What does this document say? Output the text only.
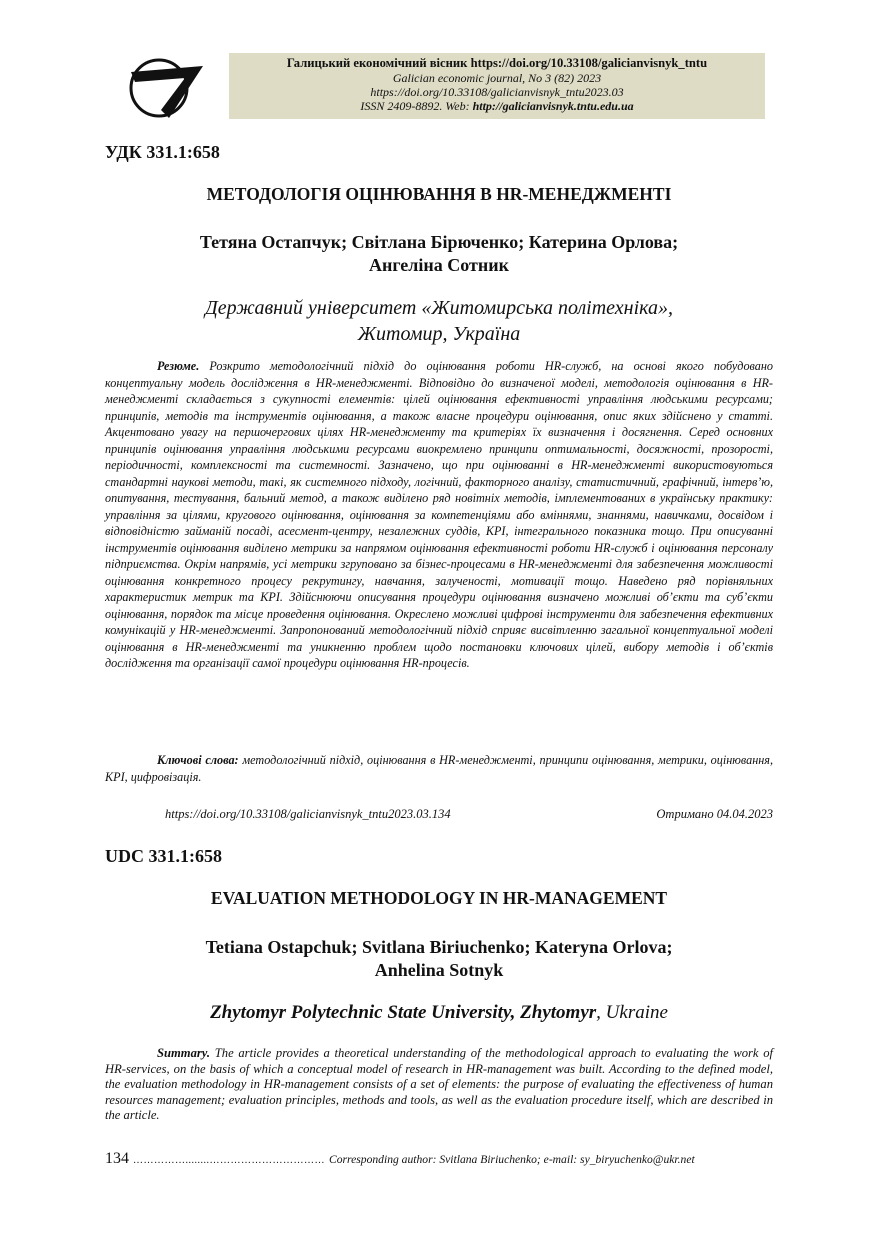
ТНТУ
Галицький економічний вісник https://doi.org/10.33108/galicianvisnyk_tntu
Galician economic journal, No 3 (82) 2023
https://doi.org/10.33108/galicianvisnyk_tntu2023.03
ISSN 2409-8892. Web: http://galicianvisnyk.tntu.edu.ua
УДК 331.1:658
МЕТОДОЛОГІЯ ОЦІНЮВАННЯ В HR-МЕНЕДЖМЕНТІ
Тетяна Остапчук; Світлана Бірюченко; Катерина Орлова;
Ангеліна Сотник
Державний університет «Житомирська політехніка»,
Житомир, Україна

Резюме. Розкрито методологічний підхід до оцінювання роботи HR-служб, на основі якого побудовано концептуальну модель дослідження в HR-менеджменті. Відповідно до визначеної моделі, методологія оцінювання в HR-менеджменті складається з сукупності елементів: цілей оцінювання ефективності управління людськими ресурсами; принципів, методів та інструментів оцінювання, а також власне процедури оцінювання, опис яких здійснено у статті. Акцентовано увагу на першочергових цілях HR-менеджменту та критеріях їх визначення і досягнення. Серед основних принципів оцінювання управління людськими ресурсами виокремлено принципи оптимальності, досяжності, прозорості, періодичності, комплексності та системності. Зазначено, що при оцінюванні в HR-менеджменті використовуються стандартні наукові методи, такі, як системного підходу, логічний, факторного аналізу, статистичний, графічний, інтерв’ю, опитування, тестування, бальний метод, а також виділено ряд новітніх методів, імплементованих в українську практику: управління за цілями, кругового оцінювання, оцінювання за компетенціями або вміннями, знаннями, навичками, досвідом і відповідністю займаній посаді, асесмент-центру, незалежних суддів, KPI, інтегрального показника тощо. При описуванні інструментів оцінювання виділено метрики за напрямом оцінювання ефективності роботи HR-служб і оцінювання персоналу підприємства. Окрім напрямів, усі метрики згруповано за бізнес-процесами в HR-менеджменті для забезпечення можливості оцінювання конкретного процесу рекрутингу, навчання, залученості, мотивації тощо. Наведено ряд порівняльних характеристик метрик та KPI. Здійснюючи описування процедури оцінювання визначено можливі об’єкти та суб’єкти оцінювання, порядок та місце проведення оцінювання. Окреслено можливі цифрові інструменти для забезпечення ефективних комунікацій у HR-менеджменті. Запропонований методологічний підхід сприяє висвітленню загальної концептуальної моделі оцінювання в HR-менеджменті та уникненню проблем щодо постановки ключових цілей, вибору методів і об’єктів дослідження та організації самої процедури оцінювання HR-процесів.

Ключові слова: методологічний підхід, оцінювання в HR-менеджменті, принципи оцінювання, метрики, оцінювання, KPI, цифровізація.

https://doi.org/10.33108/galicianvisnyk_tntu2023.03.134	Отримано 04.04.2023
UDC 331.1:658
EVALUATION METHODOLOGY IN HR-MANAGEMENT
Tetiana Ostapchuk; Svitlana Biriuchenko; Kateryna Orlova;
Anhelina Sotnyk
Zhytomyr Polytechnic State University, Zhytomyr, Ukraine

Summary. The article provides a theoretical understanding of the methodological approach to evaluating the work of HR-services, on the basis of which a conceptual model of research in HR-management was built. According to the defined model, the evaluation methodology in HR-management consists of a set of elements: the purpose of evaluating the effectiveness of human resources management; evaluation principles, methods and tools, as well as the evaluation procedure itself, which are described in the article.

134 ……………........…………………………… Corresponding author: Svitlana Biriuchenko; e-mail: sy_biryuchenko@ukr.net
